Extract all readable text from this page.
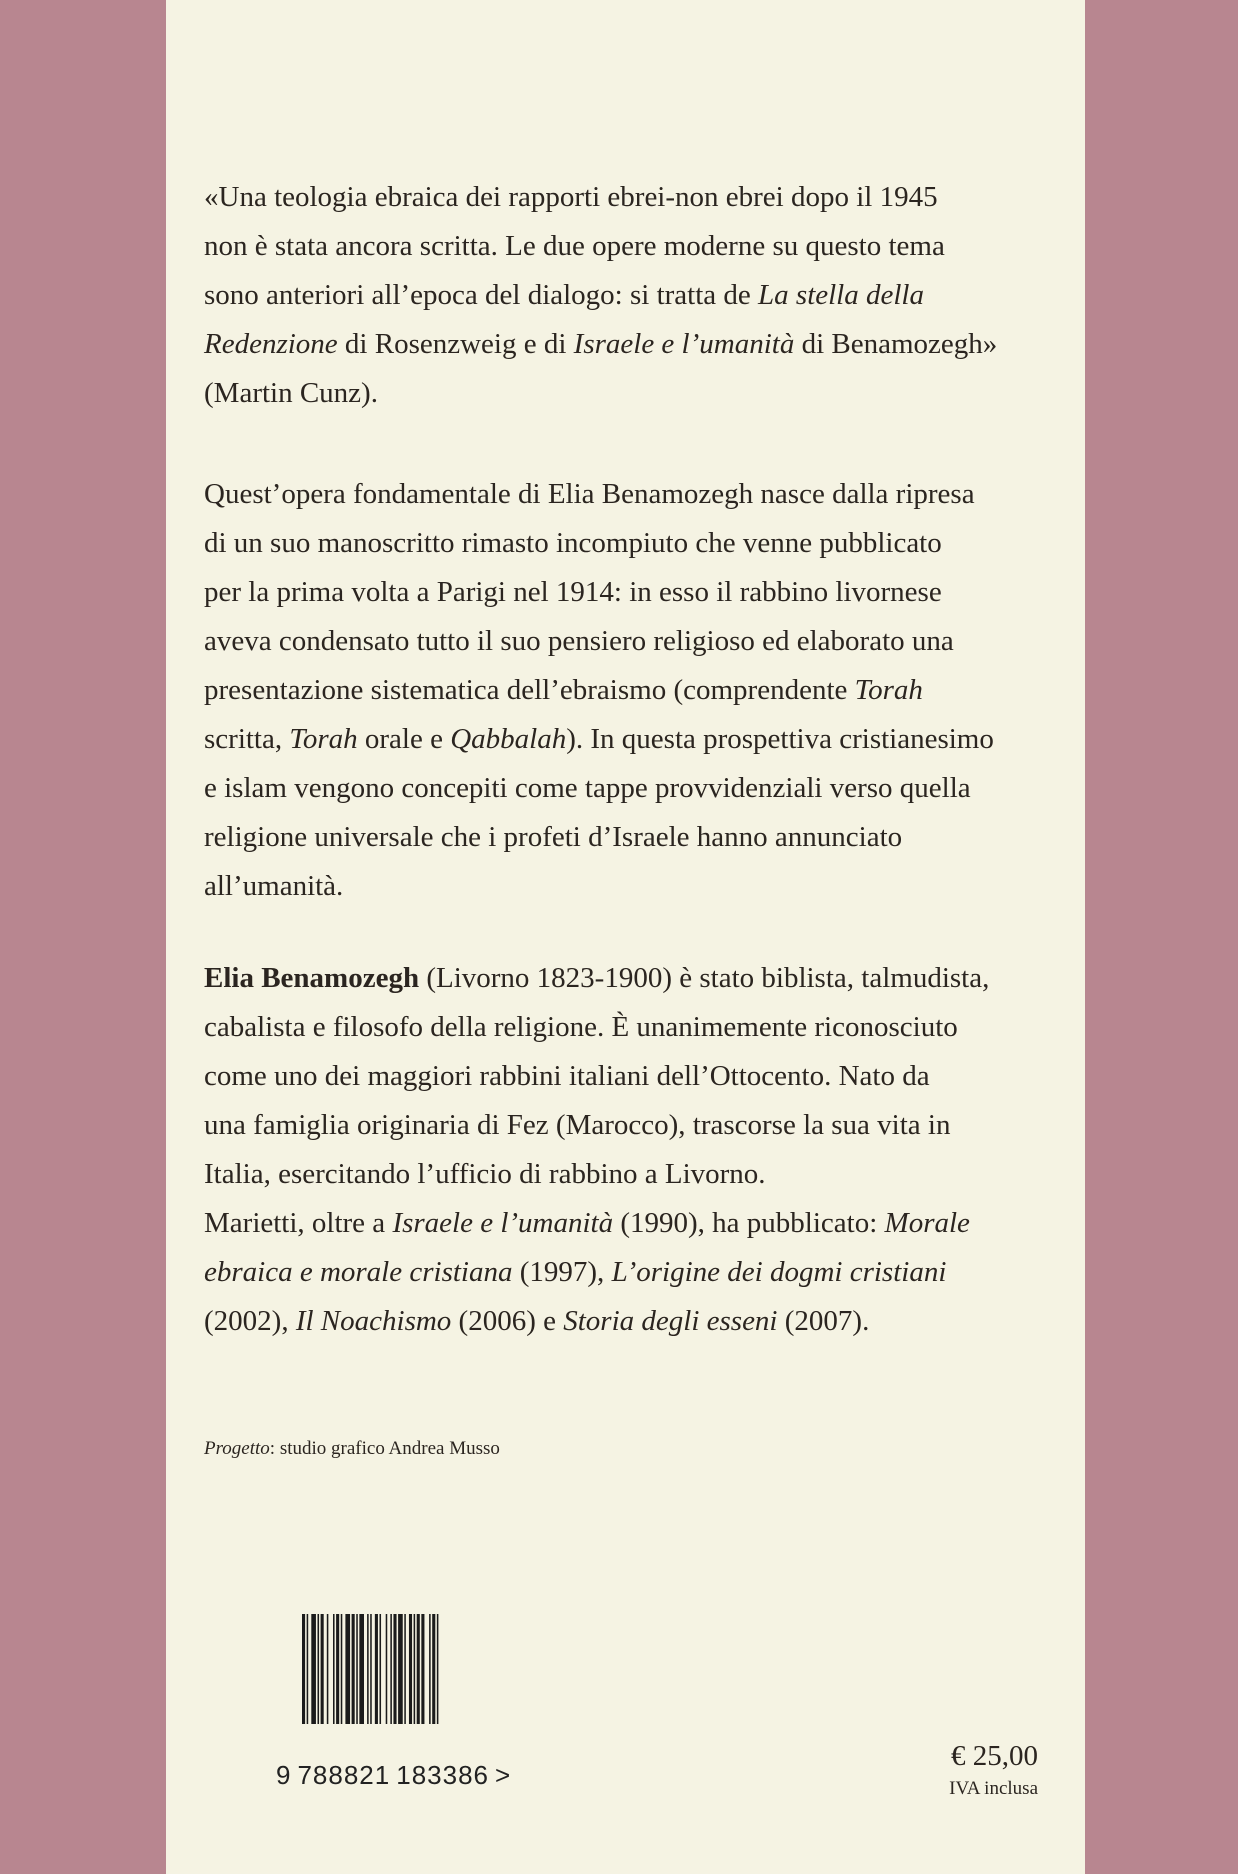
«Una teologia ebraica dei rapporti ebrei-non ebrei dopo il 1945
non è stata ancora scritta. Le due opere moderne su questo tema
sono anteriori all’epoca del dialogo: si tratta de La stella della
Redenzione di Rosenzweig e di Israele e l’umanità di Benamozegh»
(Martin Cunz).
Quest’opera fondamentale di Elia Benamozegh nasce dalla ripresa
di un suo manoscritto rimasto incompiuto che venne pubblicato
per la prima volta a Parigi nel 1914: in esso il rabbino livornese
aveva condensato tutto il suo pensiero religioso ed elaborato una
presentazione sistematica dell’ebraismo (comprendente Torah
scritta, Torah orale e Qabbalah). In questa prospettiva cristianesimo
e islam vengono concepiti come tappe provvidenziali verso quella
religione universale che i profeti d’Israele hanno annunciato
all’umanità.
Elia Benamozegh (Livorno 1823-1900) è stato biblista, talmudista,
cabalista e filosofo della religione. È unanimemente riconosciuto
come uno dei maggiori rabbini italiani dell’Ottocento. Nato da
una famiglia originaria di Fez (Marocco), trascorse la sua vita in
Italia, esercitando l’ufficio di rabbino a Livorno.
Marietti, oltre a Israele e l’umanità (1990), ha pubblicato: Morale
ebraica e morale cristiana (1997), L’origine dei dogmi cristiani
(2002), Il Noachismo (2006) e Storia degli esseni (2007).
Progetto: studio grafico Andrea Musso
9 788821 183386 >
€ 25,00
IVA inclusa
